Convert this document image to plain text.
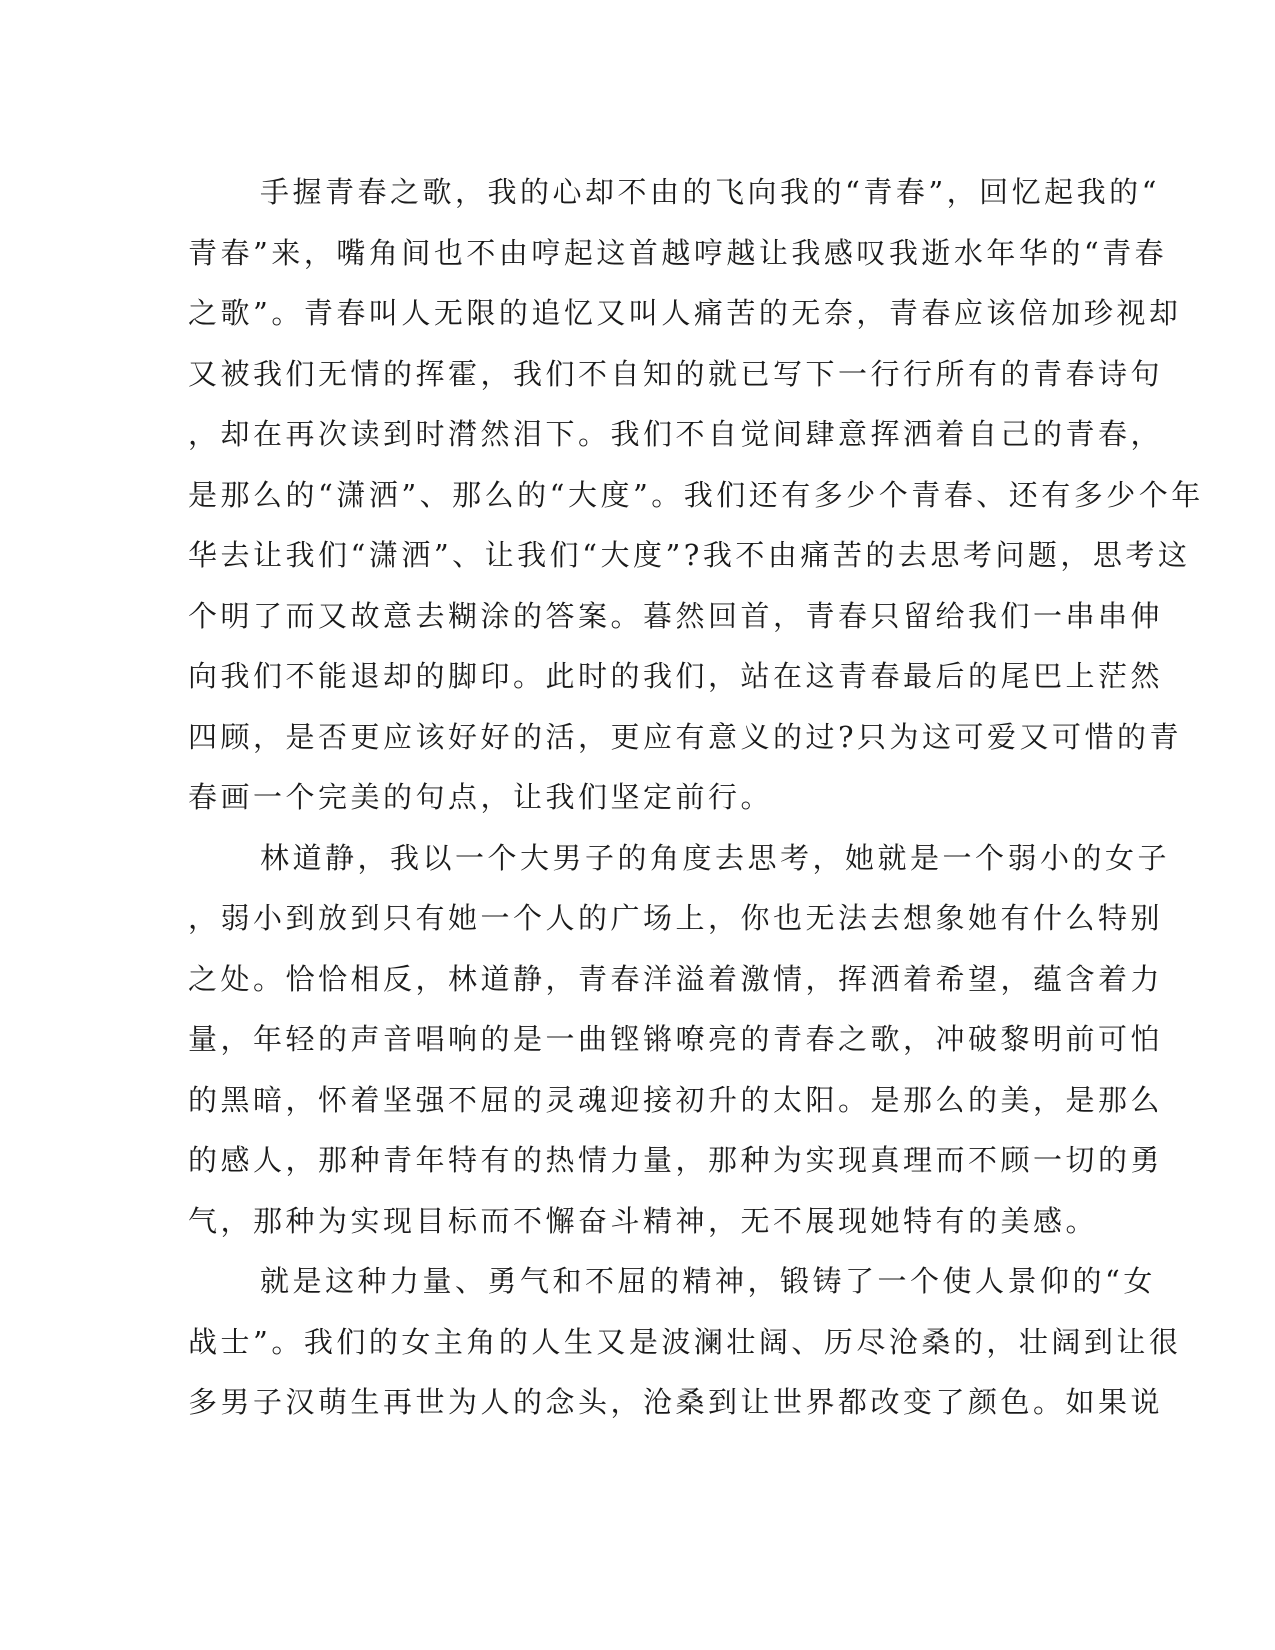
手握青春之歌，我的心却不由的飞向我的“青春”，回忆起我的“
青春”来，嘴角间也不由哼起这首越哼越让我感叹我逝水年华的“青春
之歌”。青春叫人无限的追忆又叫人痛苦的无奈，青春应该倍加珍视却
又被我们无情的挥霍，我们不自知的就已写下一行行所有的青春诗句
，却在再次读到时潸然泪下。我们不自觉间肆意挥洒着自己的青春，
是那么的“潇洒”、那么的“大度”。我们还有多少个青春、还有多少个年
华去让我们“潇洒”、让我们“大度”?我不由痛苦的去思考问题，思考这
个明了而又故意去糊涂的答案。暮然回首，青春只留给我们一串串伸
向我们不能退却的脚印。此时的我们，站在这青春最后的尾巴上茫然
四顾，是否更应该好好的活，更应有意义的过?只为这可爱又可惜的青
春画一个完美的句点，让我们坚定前行。
林道静，我以一个大男子的角度去思考，她就是一个弱小的女子
，弱小到放到只有她一个人的广场上，你也无法去想象她有什么特别
之处。恰恰相反，林道静，青春洋溢着激情，挥洒着希望，蕴含着力
量，年轻的声音唱响的是一曲铿锵嘹亮的青春之歌，冲破黎明前可怕
的黑暗，怀着坚强不屈的灵魂迎接初升的太阳。是那么的美，是那么
的感人，那种青年特有的热情力量，那种为实现真理而不顾一切的勇
气，那种为实现目标而不懈奋斗精神，无不展现她特有的美感。
就是这种力量、勇气和不屈的精神，锻铸了一个使人景仰的“女
战士”。我们的女主角的人生又是波澜壮阔、历尽沧桑的，壮阔到让很
多男子汉萌生再世为人的念头，沧桑到让世界都改变了颜色。如果说
